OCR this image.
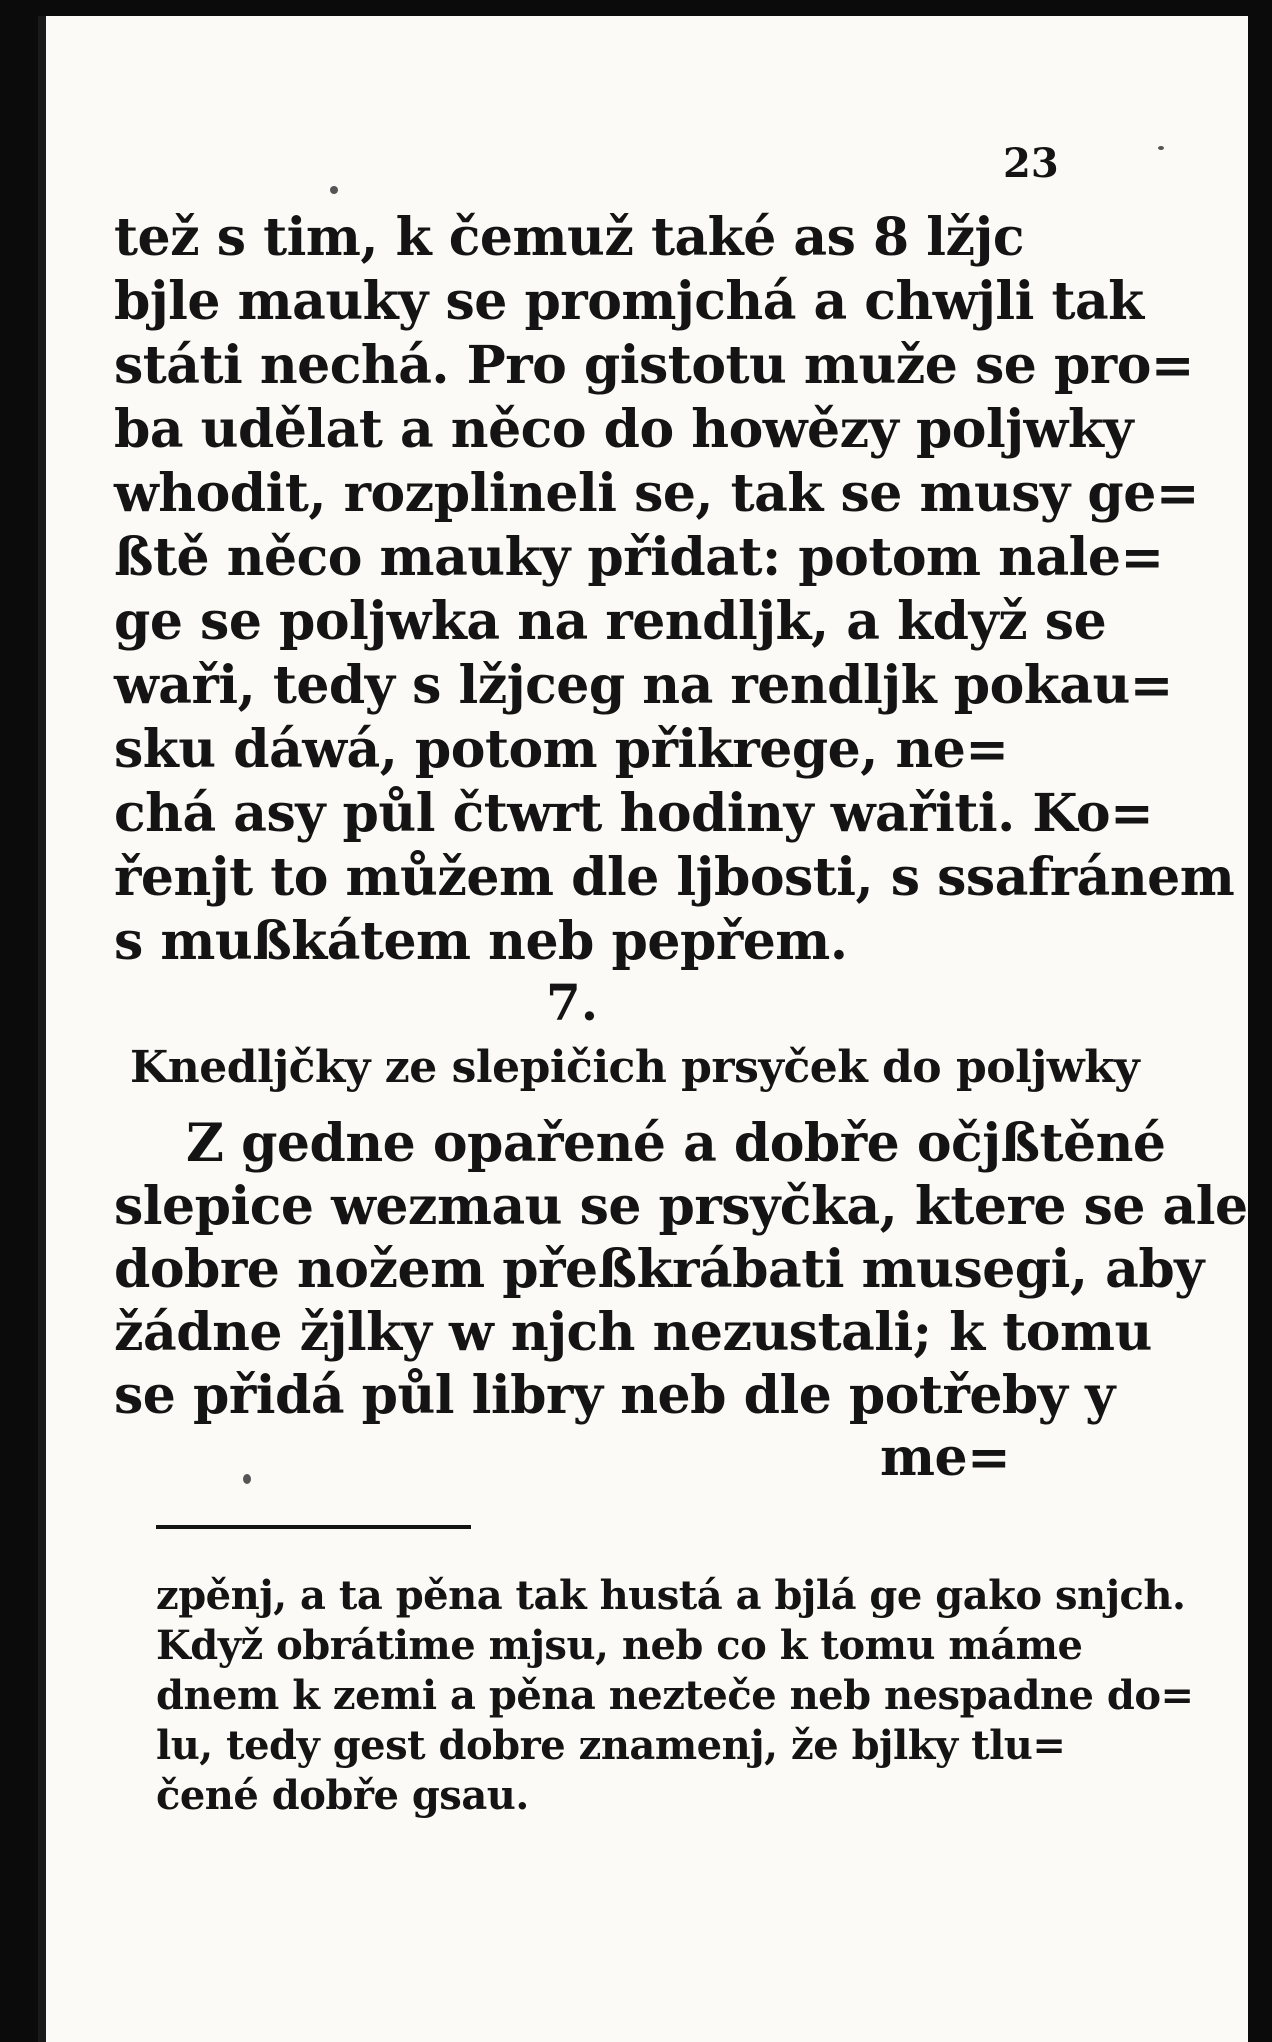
23
tež s tim, k čemuž také as 8 lžjc
bjle mauky se promjchá a chwjli tak
státi nechá. Pro gistotu muže se pro=
ba udělat a něco do howězy poljwky
whodit, rozplineli se, tak se musy ge=
ßtě něco mauky přidat: potom nale=
ge se poljwka na rendljk, a když se
waři, tedy s lžjceg na rendljk pokau=
sku dáwá, potom přikrege, ne=
chá asy půl čtwrt hodiny wařiti. Ko=
řenjt to můžem dle ljbosti, s ssafránem
s mußkátem neb pepřem.
7.
Knedljčky ze slepičich prsyček do poljwky
Z gedne opařené a dobře očjßtěné
slepice wezmau se prsyčka, ktere se ale
dobre nožem přeßkrábati musegi, aby
žádne žjlky w njch nezustali; k tomu
se přidá půl libry neb dle potřeby y
me=
zpěnj, a ta pěna tak hustá a bjlá ge gako snjch.
Když obrátime mjsu, neb co k tomu máme
dnem k zemi a pěna nezteče neb nespadne do=
lu, tedy gest dobre znamenj, že bjlky tlu=
čené dobře gsau.
